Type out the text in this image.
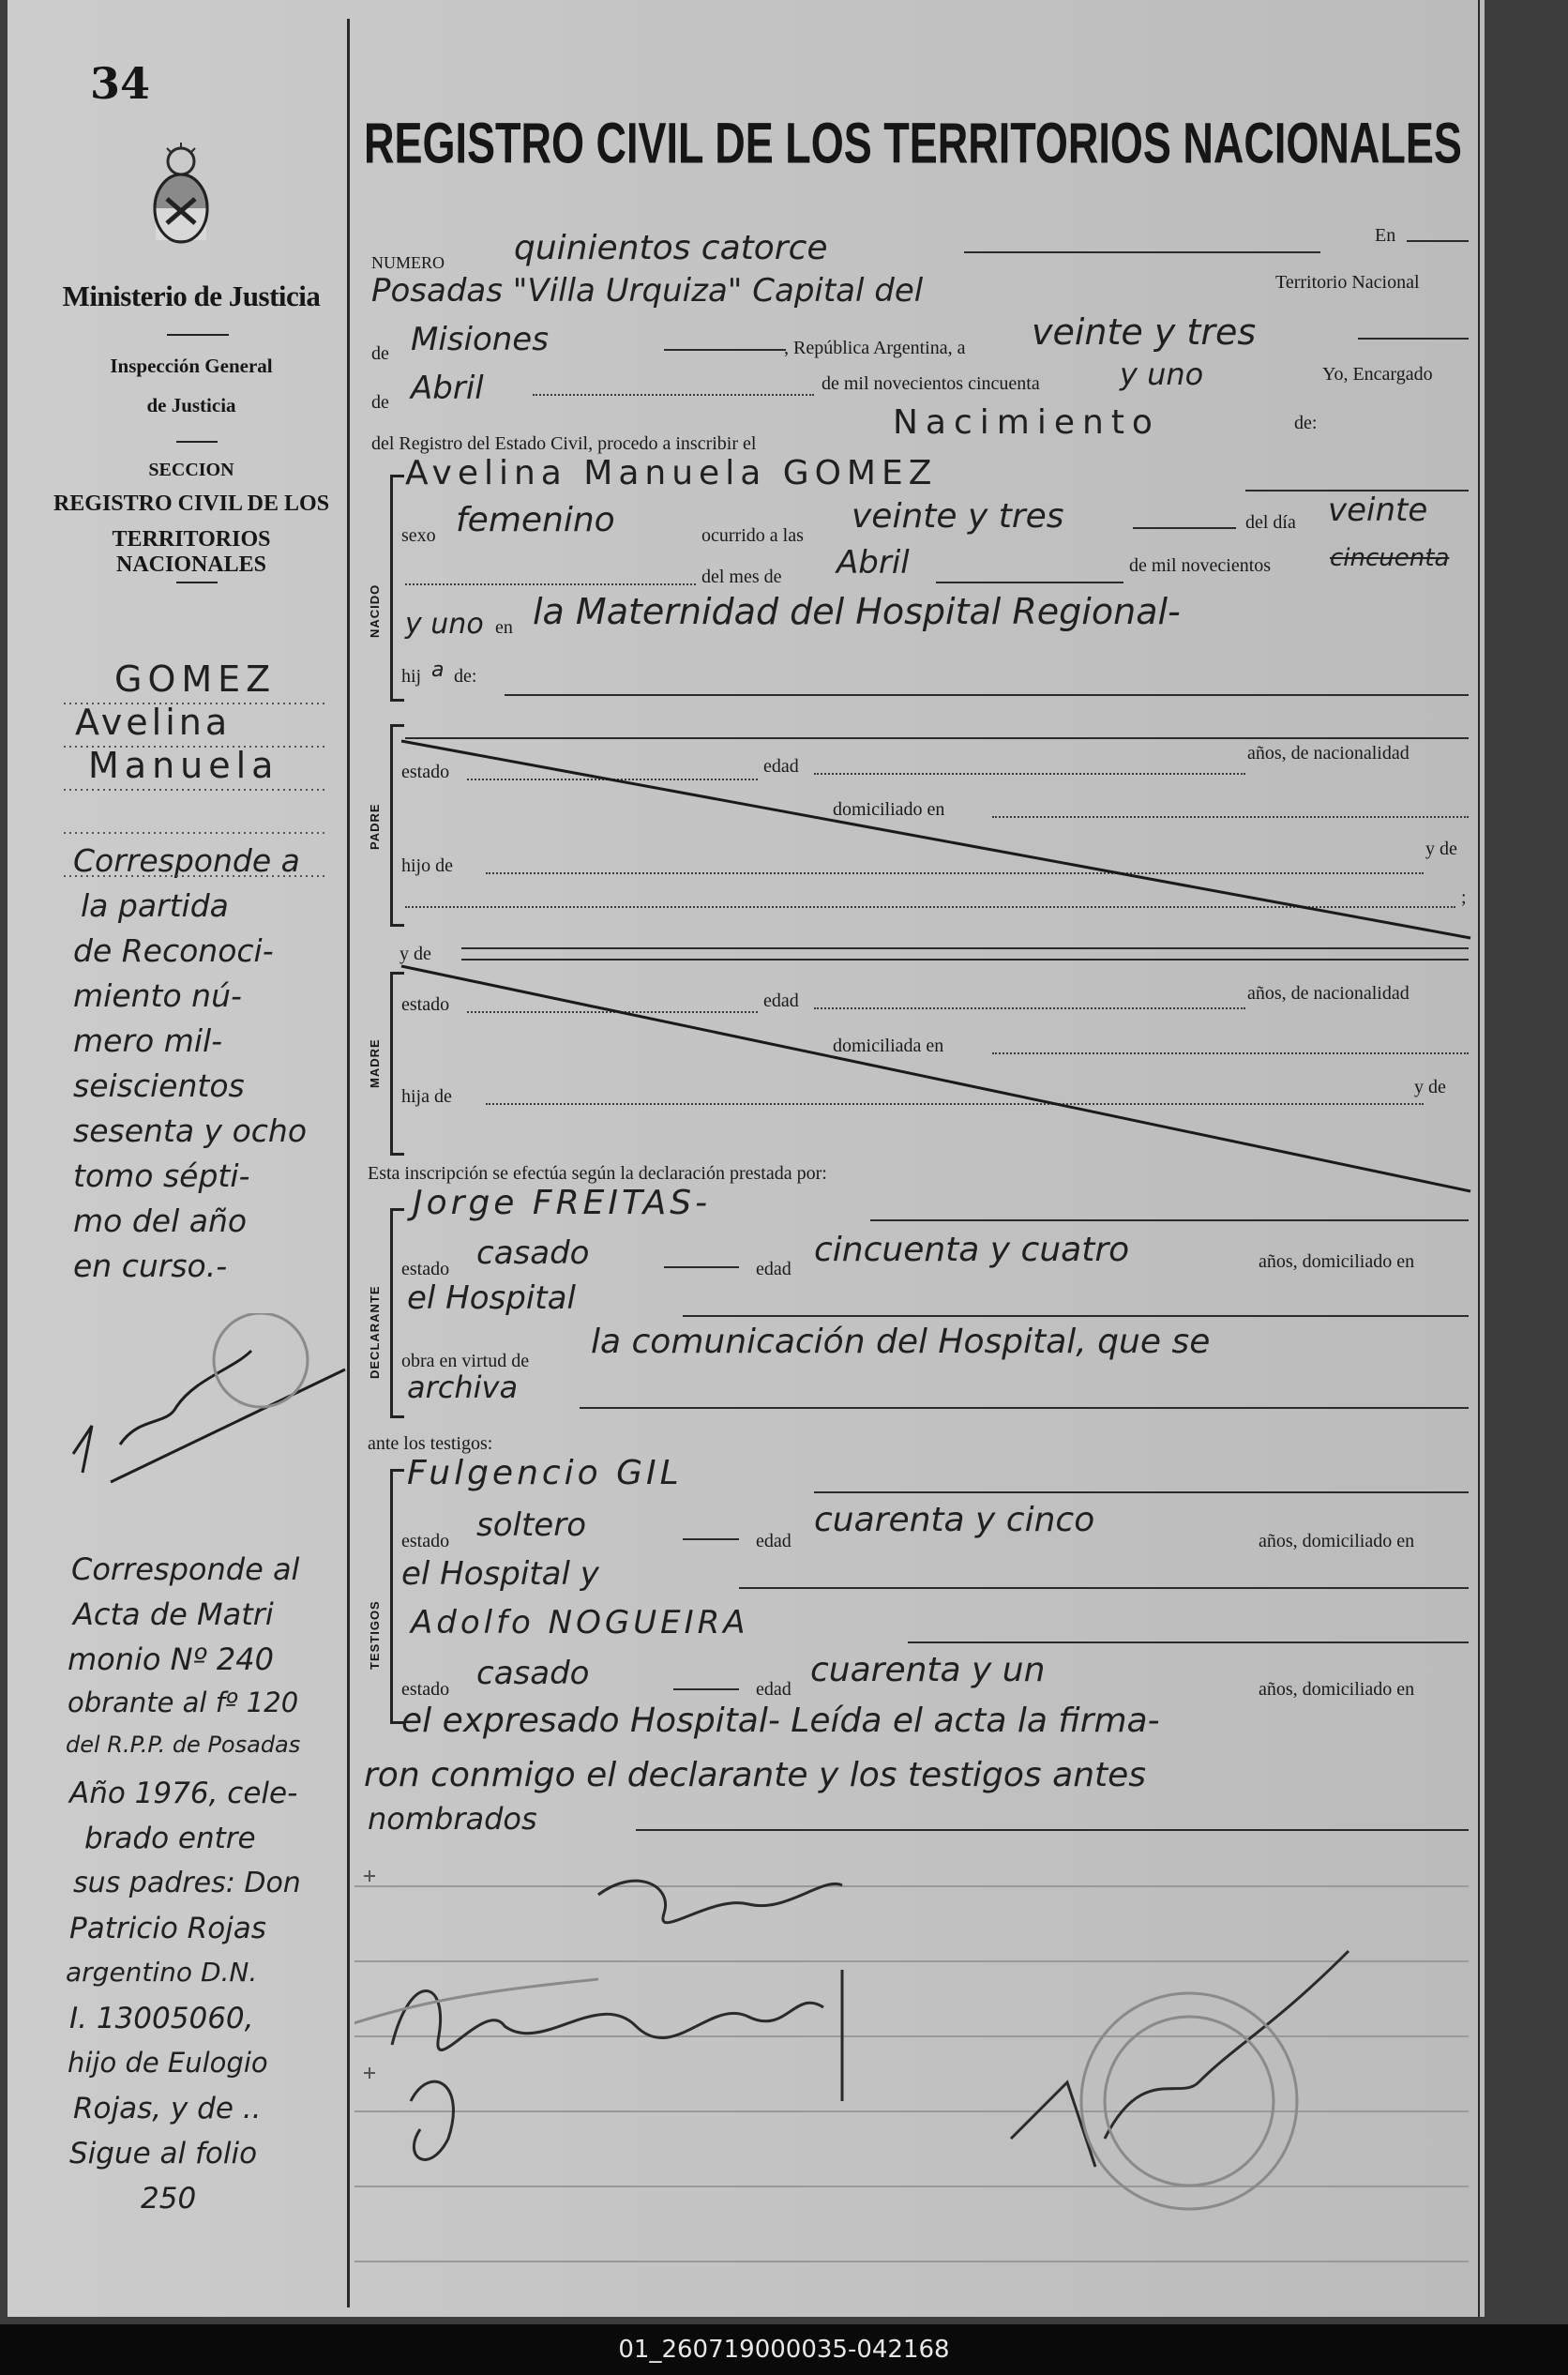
34
Ministerio de Justicia
Inspección General
de Justicia
SECCION
REGISTRO CIVIL DE LOS
TERRITORIOS NACIONALES
GOMEZ
Avelina
Manuela
Corresponde a
la partida
de Reconoci-
miento nú-
mero mil-
seiscientos
sesenta y ocho
tomo sépti-
mo del año
en curso.-
Corresponde al
Acta de Matri
monio Nº 240
obrante al fº 120
del R.P.P. de Posadas
Año 1976, cele-
brado entre
sus padres: Don
Patricio Rojas
argentino D.N.
I. 13005060,
hijo de Eulogio
Rojas, y de ..
Sigue al folio
250
REGISTRO CIVIL DE LOS TERRITORIOS NACIONALES
NUMERO quinientos catorce	En
Posadas "Villa Urquiza" Capital del	Territorio Nacional
de Misiones	, República Argentina, a veinte y tres
de Abril	de mil novecientos cincuenta	y uno	Yo, Encargado
del Registro del Estado Civil, procedo a inscribir el
Nacimiento	de:
NACIDO
Avelina Manuela GOMEZ
sexo femenino	ocurrido a las veinte y tres	del día veinte
del mes de Abril	de mil novecientos cincuenta
y uno en la Maternidad del Hospital Regional-
hij a de:
PADRE
estado	edad
años, de nacionalidad
domiciliado en
hijo de
y de
;
y de
MADRE
estado	edad	años, de nacionalidad
domiciliada en
hija de	y de
Esta inscripción se efectúa según la declaración prestada por:
DECLARANTE
Jorge FREITAS-
estado casado	edad cincuenta y cuatro	años, domiciliado en
el Hospital
obra en virtud de la comunicación del Hospital, que se
archiva
ante los testigos:
TESTIGOS
Fulgencio GIL
estado soltero	edad
cuarenta y cinco
años, domiciliado en
el Hospital y
Adolfo NOGUEIRA
estado casado	edad cuarenta y un	años, domiciliado en
el expresado Hospital- Leída el acta la firma-
ron conmigo el declarante y los testigos antes
nombrados
01_260719000035-042168
